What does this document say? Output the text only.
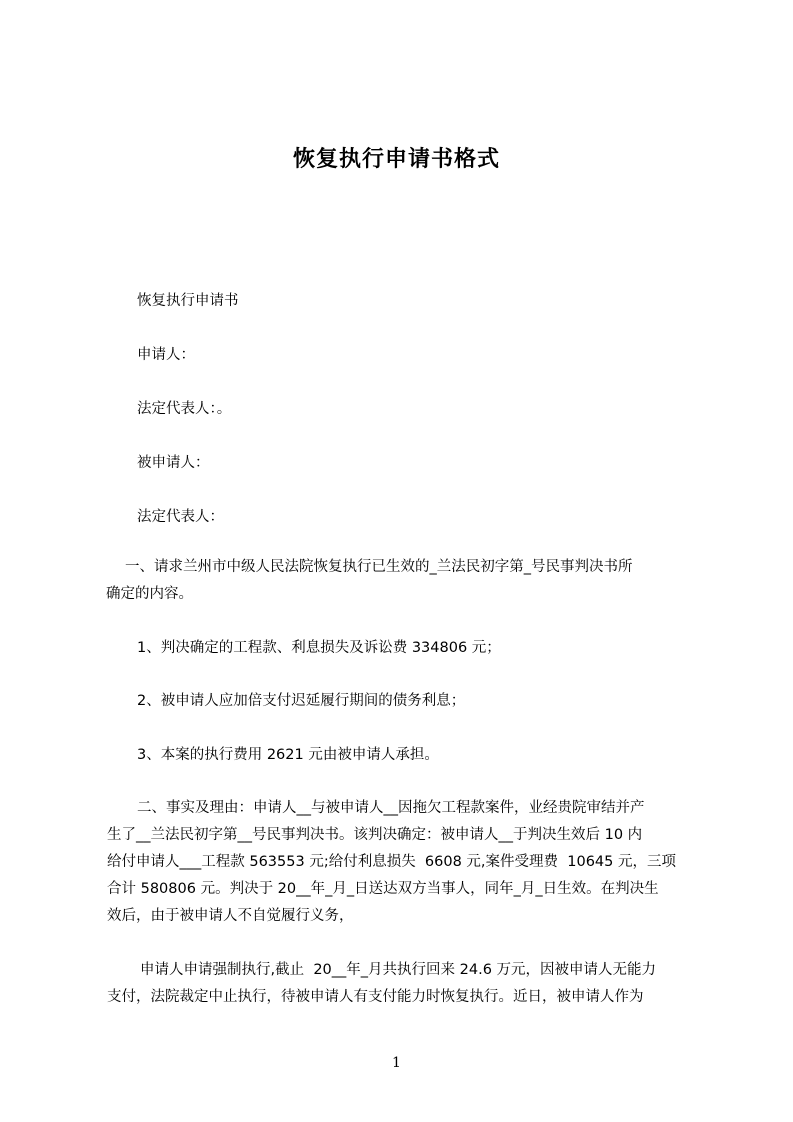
恢复执行申请书格式
恢复执行申请书
申请人：
法定代表人：。
被申请人：
法定代表人：
一、请求兰州市中级人民法院恢复执行已生效的_兰法民初字第_号民事判决书所
确定的内容。
1、判决确定的工程款、利息损失及诉讼费 334806 元；
2、被申请人应加倍支付迟延履行期间的债务利息；
3、本案的执行费用 2621 元由被申请人承担。
二、事实及理由：申请人__与被申请人__因拖欠工程款案件，业经贵院审结并产
生了__兰法民初字第__号民事判决书。该判决确定：被申请人__于判决生效后 10 内
给付申请人___工程款 563553 元;给付利息损失  6608 元,案件受理费  10645 元，三项
合计 580806 元。判决于 20__年_月_日送达双方当事人，同年_月_日生效。在判决生
效后，由于被申请人不自觉履行义务，
申请人申请强制执行,截止  20__年_月共执行回来 24.6 万元，因被申请人无能力
支付，法院裁定中止执行，待被申请人有支付能力时恢复执行。近日，被申请人作为
1
